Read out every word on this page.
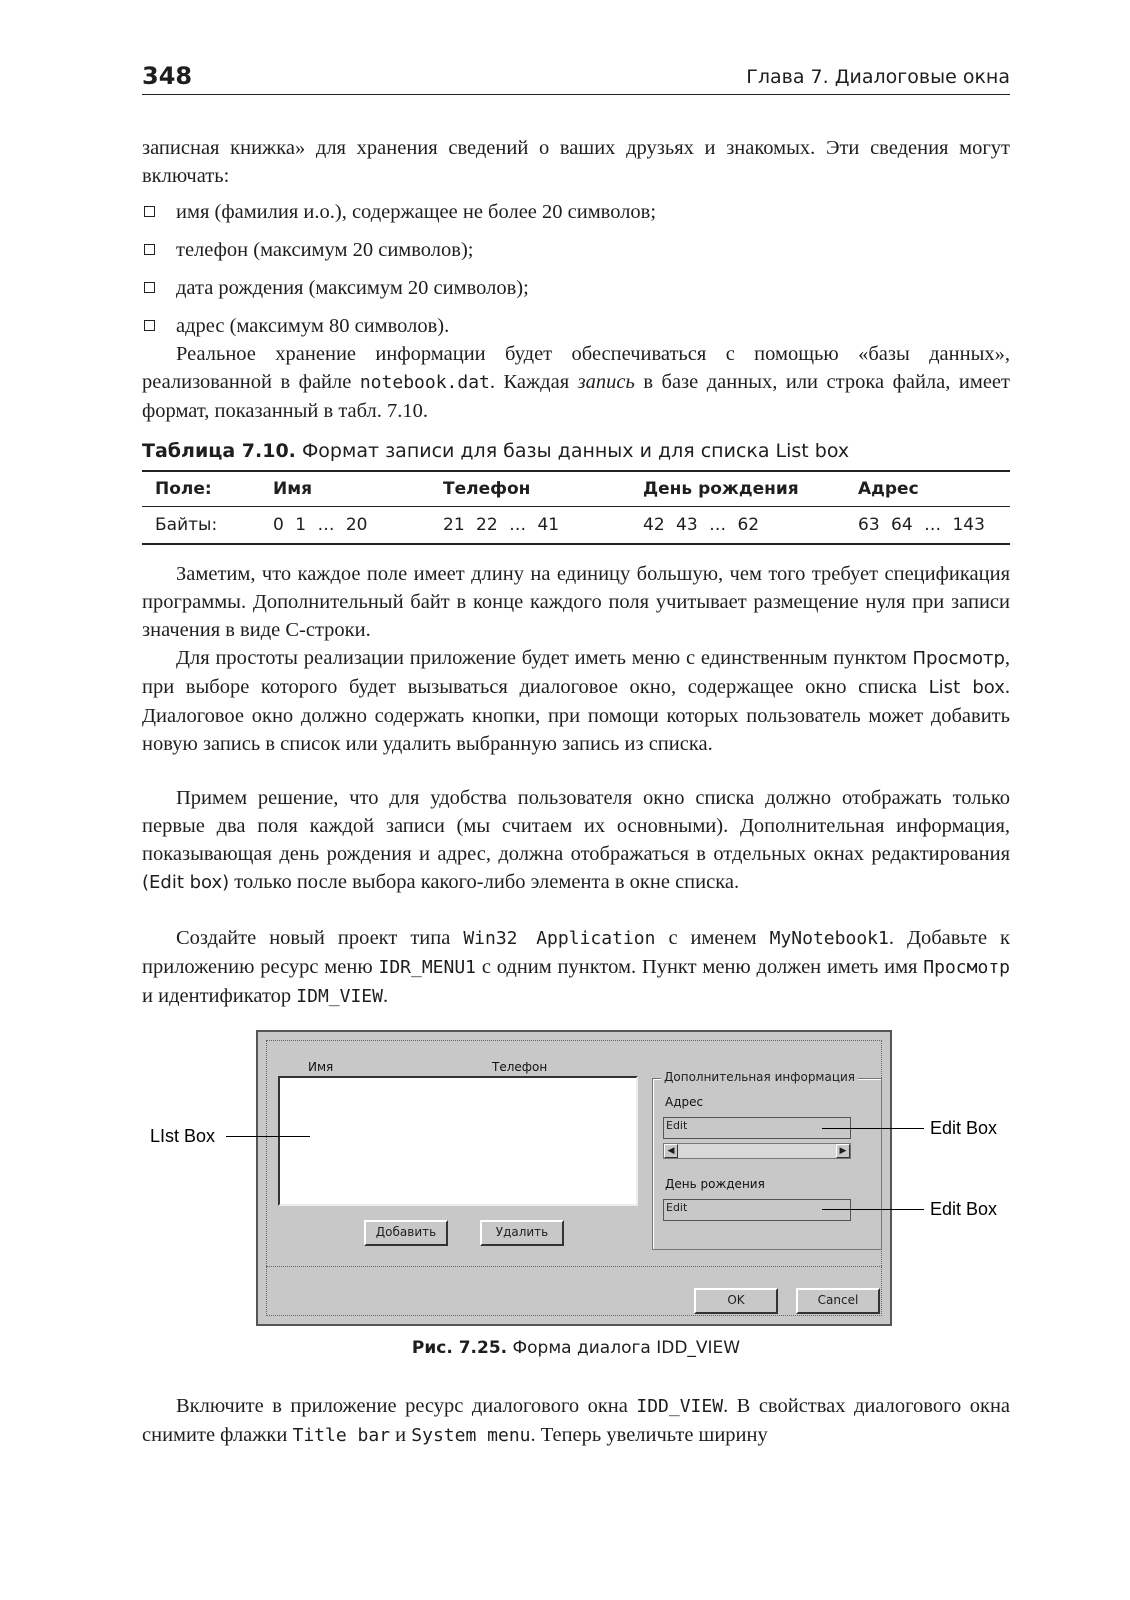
348	Глава 7. Диалоговые окна

записная книжка» для хранения сведений о ваших друзьях и знакомых. Эти сведения могут включать:

имя (фамилия и.о.), содержащее не более 20 символов;
телефон (максимум 20 символов);
дата рождения (максимум 20 символов);
адрес (максимум 80 символов).

Реальное хранение информации будет обеспечиваться с помощью «базы данных», реализованной в файле notebook.dat. Каждая запись в базе данных, или строка файла, имеет формат, показанный в табл. 7.10.

Таблица 7.10. Формат записи для базы данных и для списка List box
Поле:	Имя	Телефон	День рождения	Адрес
Байты:	0 1 … 20	21 22 … 41	42 43 … 62	63 64 … 143

Заметим, что каждое поле имеет длину на единицу большую, чем того требует спецификация программы. Дополнительный байт в конце каждого поля учитывает размещение нуля при записи значения в виде С-строки.

Для простоты реализации приложение будет иметь меню с единственным пунктом Просмотр, при выборе которого будет вызываться диалоговое окно, содержащее окно списка List box. Диалоговое окно должно содержать кнопки, при помощи которых пользователь может добавить новую запись в список или удалить выбранную запись из списка.

Примем решение, что для удобства пользователя окно списка должно отображать только первые два поля каждой записи (мы считаем их основными). Дополнительная информация, показывающая день рождения и адрес, должна отображаться в отдельных окнах редактирования (Edit box) только после выбора какого-либо элемента в окне списка.

Создайте новый проект типа Win32 Application с именем MyNotebook1. Добавьте к приложению ресурс меню IDR_MENU1 с одним пунктом. Пункт меню должен иметь имя Просмотр и идентификатор IDM_VIEW.

Имя	Телефон
Добавить	Удалить
Дополнительная информация
Адрес
Edit
◀	▶
День рождения
Edit
OK	Cancel
LIst Box	Edit Box
Edit Box
Рис. 7.25. Форма диалога IDD_VIEW

Включите в приложение ресурс диалогового окна IDD_VIEW. В свойствах диалогового окна снимите флажки Title bar и System menu. Теперь увеличьте ширину
